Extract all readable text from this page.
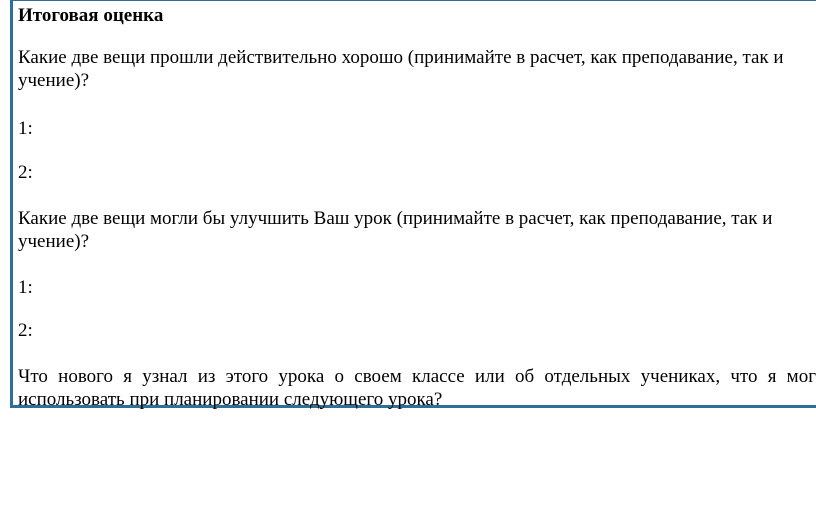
Итоговая оценка
Какие две вещи прошли действительно хорошо (принимайте в расчет, как преподавание, так и учение)?
1:
2:
Какие две вещи могли бы улучшить Ваш урок (принимайте в расчет, как преподавание, так и учение)?
1:
2:
Что нового я узнал из этого урока о своем классе или об отдельных учениках, что я мог использовать при планировании следующего урока?
